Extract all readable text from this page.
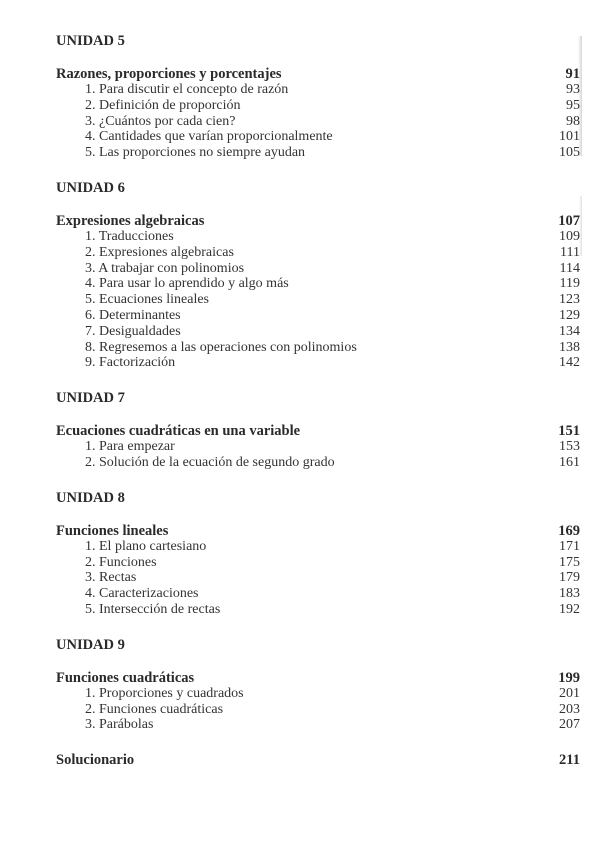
UNIDAD 5
Razones, proporciones y porcentajes	91
1. Para discutir el concepto de razón	93
2. Definición de proporción	95
3. ¿Cuántos por cada cien?	98
4. Cantidades que varían proporcionalmente	101
5. Las proporciones no siempre ayudan	105
UNIDAD 6
Expresiones algebraicas	107
1. Traducciones	109
2. Expresiones algebraicas	111
3. A trabajar con polinomios	114
4. Para usar lo aprendido y algo más	119
5. Ecuaciones lineales	123
6. Determinantes	129
7. Desigualdades	134
8. Regresemos a las operaciones con polinomios	138
9. Factorización	142
UNIDAD 7
Ecuaciones cuadráticas en una variable	151
1. Para empezar	153
2. Solución de la ecuación de segundo grado	161
UNIDAD 8
Funciones lineales	169
1. El plano cartesiano	171
2. Funciones	175
3. Rectas	179
4. Caracterizaciones	183
5. Intersección de rectas	192
UNIDAD 9
Funciones cuadráticas	199
1. Proporciones y cuadrados	201
2. Funciones cuadráticas	203
3. Parábolas	207
Solucionario	211
